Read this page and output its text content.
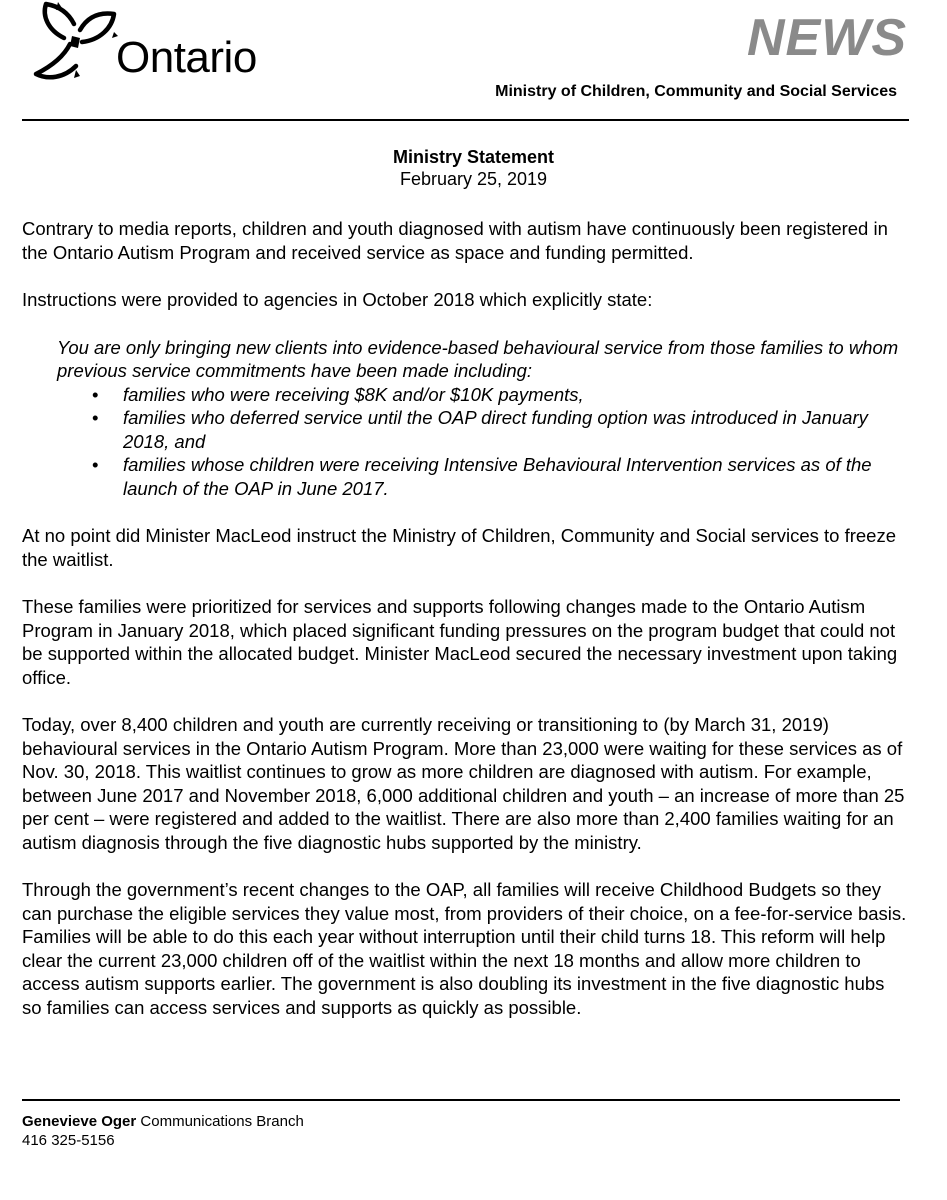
Ontario	NEWS
Ministry of Children, Community and Social Services
Ministry Statement
February 25, 2019

Contrary to media reports, children and youth diagnosed with autism have continuously been registered in the Ontario Autism Program and received service as space and funding permitted.

Instructions were provided to agencies in October 2018 which explicitly state:

You are only bringing new clients into evidence-based behavioural service from those families to whom previous service commitments have been made including:

• families who were receiving $8K and/or $10K payments,
• families who deferred service until the OAP direct funding option was introduced in January 2018, and
• families whose children were receiving Intensive Behavioural Intervention services as of the launch of the OAP in June 2017.

At no point did Minister MacLeod instruct the Ministry of Children, Community and Social services to freeze the waitlist.

These families were prioritized for services and supports following changes made to the Ontario Autism Program in January 2018, which placed significant funding pressures on the program budget that could not be supported within the allocated budget. Minister MacLeod secured the necessary investment upon taking office.

Today, over 8,400 children and youth are currently receiving or transitioning to (by March 31, 2019) behavioural services in the Ontario Autism Program. More than 23,000 were waiting for these services as of Nov. 30, 2018. This waitlist continues to grow as more children are diagnosed with autism. For example, between June 2017 and November 2018, 6,000 additional children and youth – an increase of more than 25 per cent – were registered and added to the waitlist. There are also more than 2,400 families waiting for an autism diagnosis through the five diagnostic hubs supported by the ministry.

Through the government’s recent changes to the OAP, all families will receive Childhood Budgets so they can purchase the eligible services they value most, from providers of their choice, on a fee-for-service basis. Families will be able to do this each year without interruption until their child turns 18. This reform will help clear the current 23,000 children off of the waitlist within the next 18 months and allow more children to access autism supports earlier. The government is also doubling its investment in the five diagnostic hubs so families can access services and supports as quickly as possible.

Genevieve Oger Communications Branch
416 325-5156
